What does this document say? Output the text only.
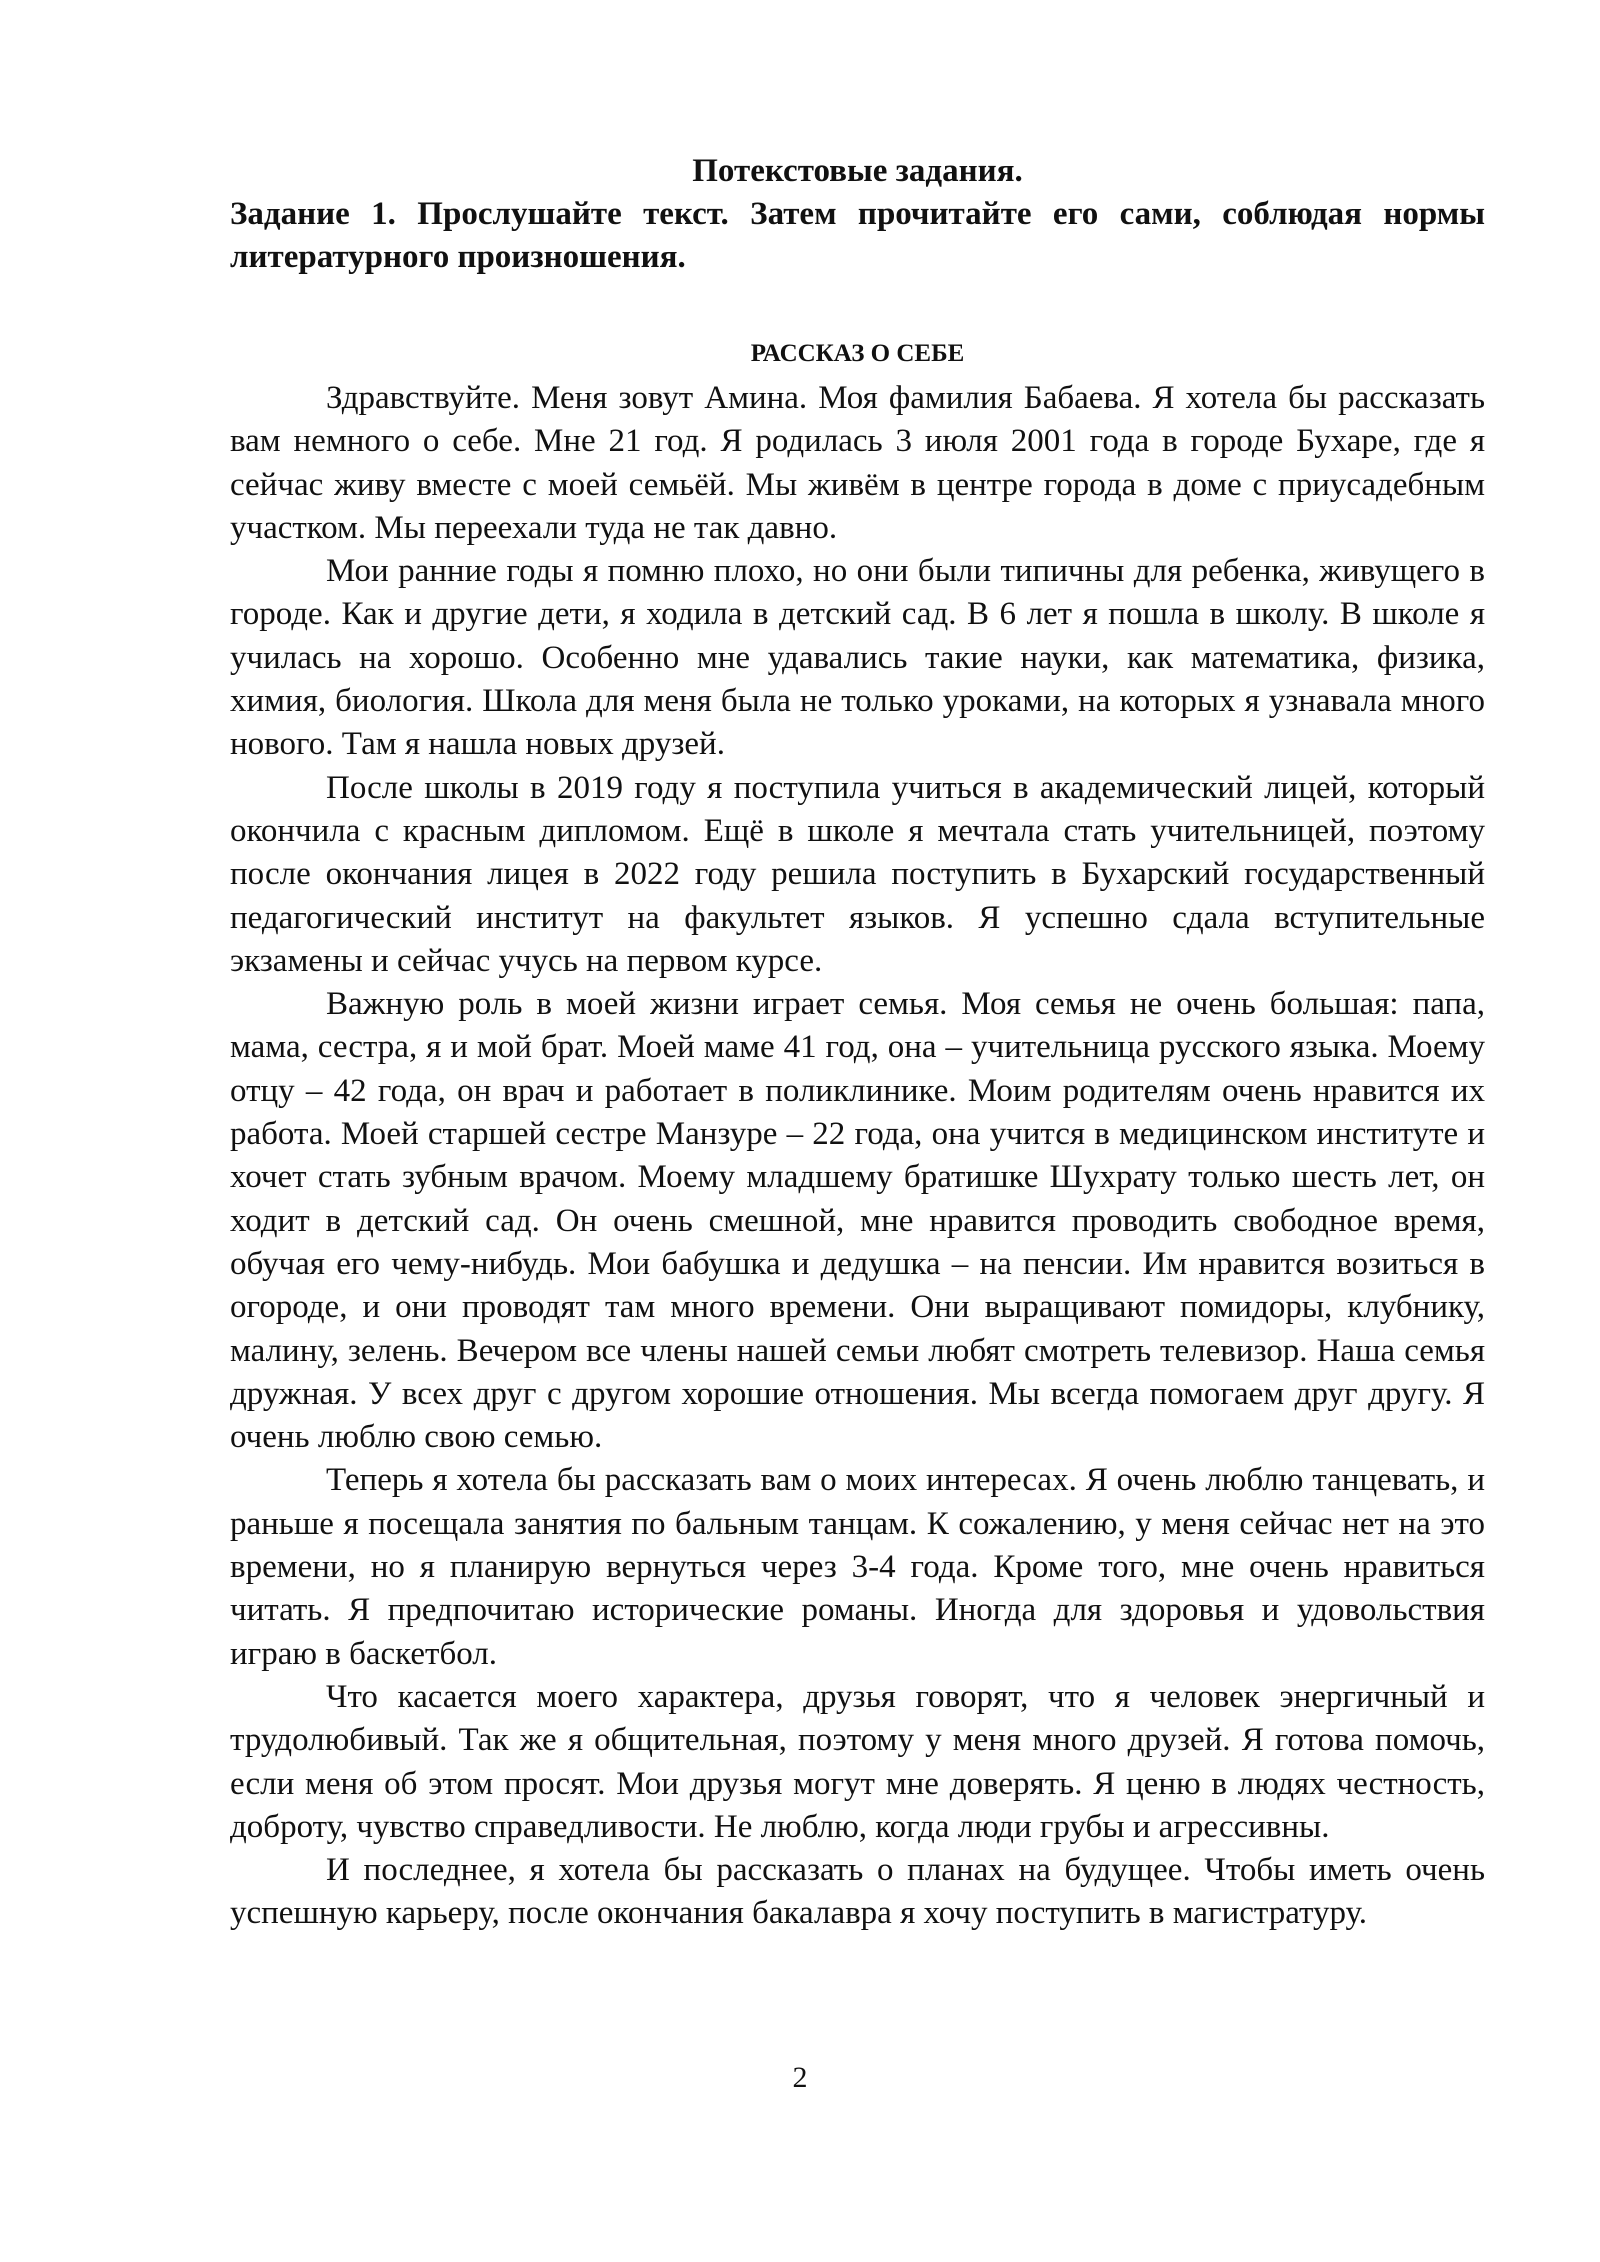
Потекстовые задания.
Задание 1. Прослушайте текст. Затем прочитайте его сами, соблюдая нормы литературного произношения.
РАССКАЗ О СЕБЕ

Здравствуйте. Меня зовут Амина. Моя фамилия Бабаева. Я хотела бы рассказать вам немного о себе. Мне 21 год. Я родилась 3 июля 2001 года в городе Бухаре, где я сейчас живу вместе с моей семьёй. Мы живём в центре города в доме с приусадебным участком. Мы переехали туда не так давно.

Мои ранние годы я помню плохо, но они были типичны для ребенка, живущего в городе. Как и другие дети, я ходила в детский сад. В 6 лет я пошла в школу. В школе я училась на хорошо. Особенно мне удавались такие науки, как математика, физика, химия, биология. Школа для меня была не только уроками, на которых я узнавала много нового. Там я нашла новых друзей.

После школы в 2019 году я поступила учиться в академический лицей, который окончила с красным дипломом. Ещё в школе я мечтала стать учительницей, поэтому после окончания лицея в 2022 году решила поступить в Бухарский государственный педагогический институт на факультет языков. Я успешно сдала вступительные экзамены и сейчас учусь на первом курсе.

Важную роль в моей жизни играет семья. Моя семья не очень большая: папа, мама, сестра, я и мой брат. Моей маме 41 год, она – учительница русского языка. Моему отцу – 42 года, он врач и работает в поликлинике. Моим родителям очень нравится их работа. Моей старшей сестре Манзуре – 22 года, она учится в медицинском институте и хочет стать зубным врачом. Моему младшему братишке Шухрату только шесть лет, он ходит в детский сад. Он очень смешной, мне нравится проводить свободное время, обучая его чему-нибудь. Мои бабушка и дедушка – на пенсии. Им нравится возиться в огороде, и они проводят там много времени. Они выращивают помидоры, клубнику, малину, зелень. Вечером все члены нашей семьи любят смотреть телевизор. Наша семья дружная. У всех друг с другом хорошие отношения. Мы всегда помогаем друг другу. Я очень люблю свою семью.

Теперь я хотела бы рассказать вам о моих интересах. Я очень люблю танцевать, и раньше я посещала занятия по бальным танцам. К сожалению, у меня сейчас нет на это времени, но я планирую вернуться через 3-4 года. Кроме того, мне очень нравиться читать. Я предпочитаю исторические романы. Иногда для здоровья и удовольствия играю в баскетбол.

Что касается моего характера, друзья говорят, что я человек энергичный и трудолюбивый. Так же я общительная, поэтому у меня много друзей. Я готова помочь, если меня об этом просят. Мои друзья могут мне доверять. Я ценю в людях честность, доброту, чувство справедливости. Не люблю, когда люди грубы и агрессивны.

И последнее, я хотела бы рассказать о планах на будущее. Чтобы иметь очень успешную карьеру, после окончания бакалавра я хочу поступить в магистратуру.

2
